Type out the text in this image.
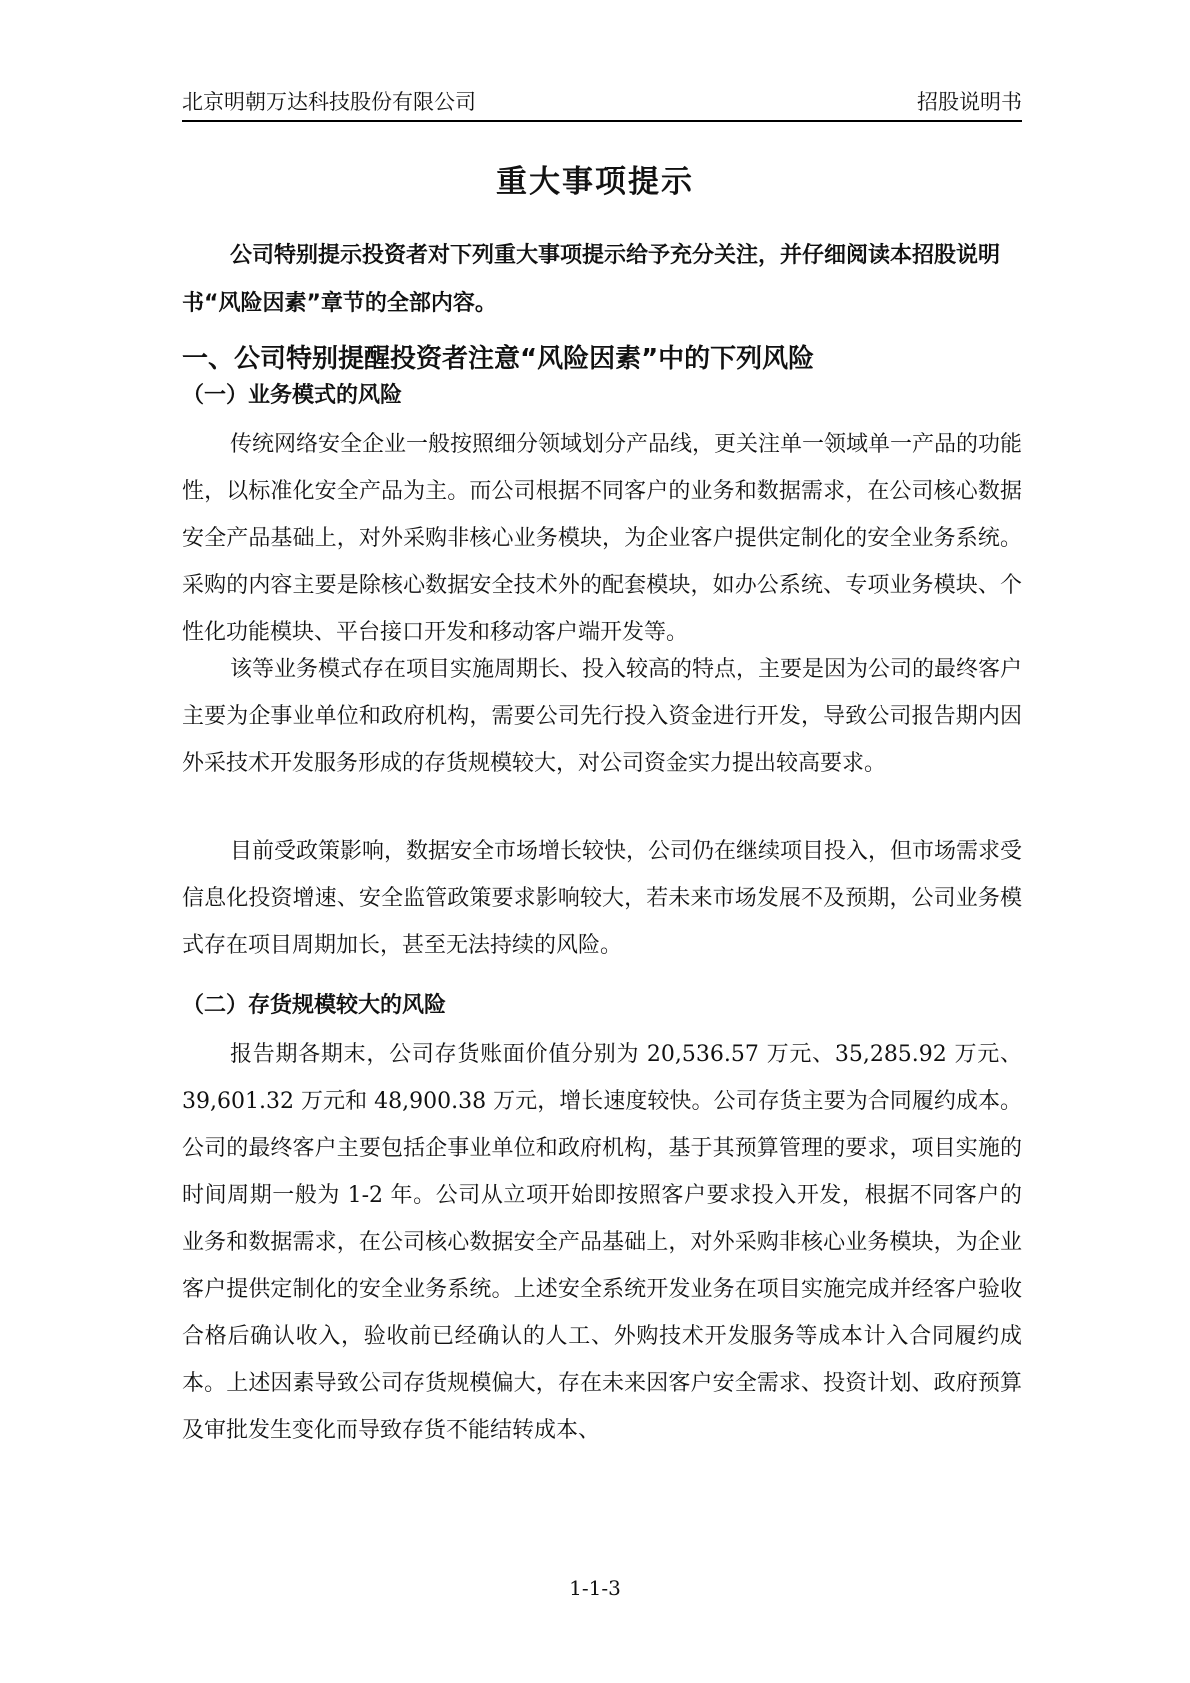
北京明朝万达科技股份有限公司	招股说明书
重大事项提示

公司特别提示投资者对下列重大事项提示给予充分关注，并仔细阅读本招股说明书“风险因素”章节的全部内容。

一、公司特别提醒投资者注意“风险因素”中的下列风险
（一）业务模式的风险

传统网络安全企业一般按照细分领域划分产品线，更关注单一领域单一产品的功能性，以标准化安全产品为主。而公司根据不同客户的业务和数据需求，在公司核心数据安全产品基础上，对外采购非核心业务模块，为企业客户提供定制化的安全业务系统。采购的内容主要是除核心数据安全技术外的配套模块，如办公系统、专项业务模块、个性化功能模块、平台接口开发和移动客户端开发等。

该等业务模式存在项目实施周期长、投入较高的特点，主要是因为公司的最终客户主要为企事业单位和政府机构，需要公司先行投入资金进行开发，导致公司报告期内因外采技术开发服务形成的存货规模较大，对公司资金实力提出较高要求。

目前受政策影响，数据安全市场增长较快，公司仍在继续项目投入，但市场需求受信息化投资增速、安全监管政策要求影响较大，若未来市场发展不及预期，公司业务模式存在项目周期加长，甚至无法持续的风险。

（二）存货规模较大的风险

报告期各期末，公司存货账面价值分别为 20,536.57 万元、35,285.92 万元、39,601.32 万元和 48,900.38 万元，增长速度较快。公司存货主要为合同履约成本。公司的最终客户主要包括企事业单位和政府机构，基于其预算管理的要求，项目实施的时间周期一般为 1-2 年。公司从立项开始即按照客户要求投入开发，根据不同客户的业务和数据需求，在公司核心数据安全产品基础上，对外采购非核心业务模块，为企业客户提供定制化的安全业务系统。上述安全系统开发业务在项目实施完成并经客户验收合格后确认收入，验收前已经确认的人工、外购技术开发服务等成本计入合同履约成本。上述因素导致公司存货规模偏大，存在未来因客户安全需求、投资计划、政府预算及审批发生变化而导致存货不能结转成本、

1-1-3
